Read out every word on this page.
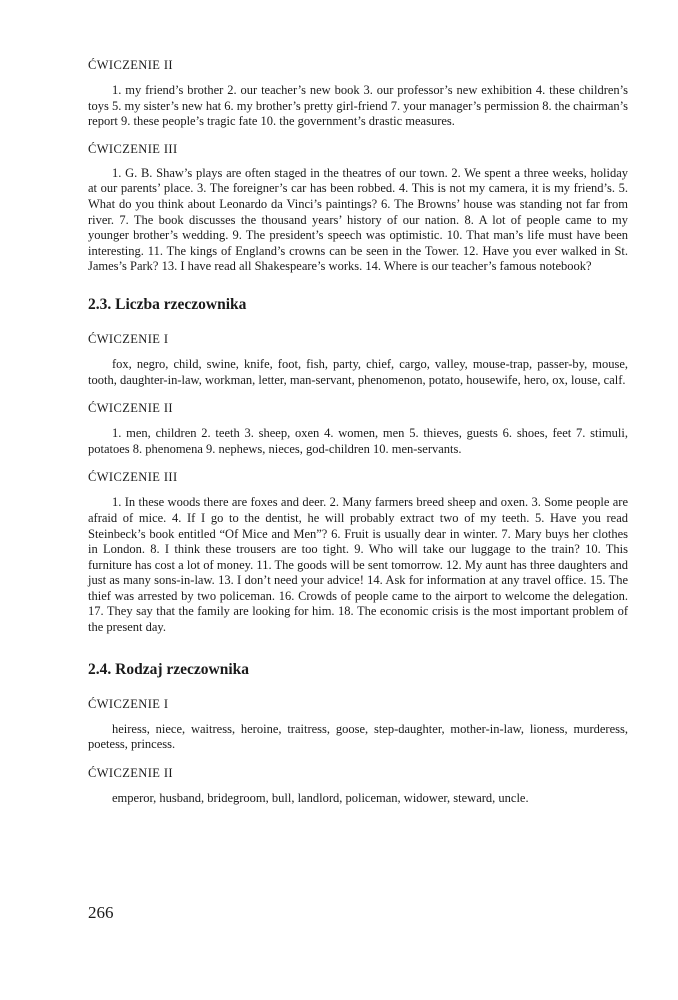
ĆWICZENIE II

1. my friend’s brother 2. our teacher’s new book 3. our professor’s new exhibition 4. these children’s toys 5. my sister’s new hat 6. my brother’s pretty girl-friend 7. your manager’s permission 8. the chairman’s report 9. these people’s tragic fate 10. the government’s drastic measures.

ĆWICZENIE III

1. G. B. Shaw’s plays are often staged in the theatres of our town. 2. We spent a three weeks, holiday at our parents’ place. 3. The foreigner’s car has been robbed. 4. This is not my camera, it is my friend’s. 5. What do you think about Leonardo da Vinci’s paintings? 6. The Browns’ house was standing not far from river. 7. The book discusses the thousand years’ history of our nation. 8. A lot of people came to my younger brother’s wedding. 9. The president’s speech was optimistic. 10. That man’s life must have been interesting. 11. The kings of England’s crowns can be seen in the Tower. 12. Have you ever walked in St. James’s Park? 13. I have read all Shakespeare’s works. 14. Where is our teacher’s famous notebook?

2.3. Liczba rzeczownika

ĆWICZENIE I

fox, negro, child, swine, knife, foot, fish, party, chief, cargo, valley, mouse-trap, passer-by, mouse, tooth, daughter-in-law, workman, letter, man-servant, phenomenon, potato, housewife, hero, ox, louse, calf.

ĆWICZENIE II

1. men, children 2. teeth 3. sheep, oxen 4. women, men 5. thieves, guests 6. shoes, feet 7. stimuli, potatoes 8. phenomena 9. nephews, nieces, god-children 10. men-servants.

ĆWICZENIE III

1. In these woods there are foxes and deer. 2. Many farmers breed sheep and oxen. 3. Some people are afraid of mice. 4. If I go to the dentist, he will probably extract two of my teeth. 5. Have you read Steinbeck’s book entitled “Of Mice and Men”? 6. Fruit is usually dear in winter. 7. Mary buys her clothes in London. 8. I think these trousers are too tight. 9. Who will take our luggage to the train? 10. This furniture has cost a lot of money. 11. The goods will be sent tomorrow. 12. My aunt has three daughters and just as many sons-in-law. 13. I don’t need your advice! 14. Ask for information at any travel office. 15. The thief was arrested by two policeman. 16. Crowds of people came to the airport to welcome the delegation. 17. They say that the family are looking for him. 18. The economic crisis is the most important problem of the present day.

2.4. Rodzaj rzeczownika

ĆWICZENIE I

heiress, niece, waitress, heroine, traitress, goose, step-daughter, mother-in-law, lioness, murderess, poetess, princess.

ĆWICZENIE II

emperor, husband, bridegroom, bull, landlord, policeman, widower, steward, uncle.

266
